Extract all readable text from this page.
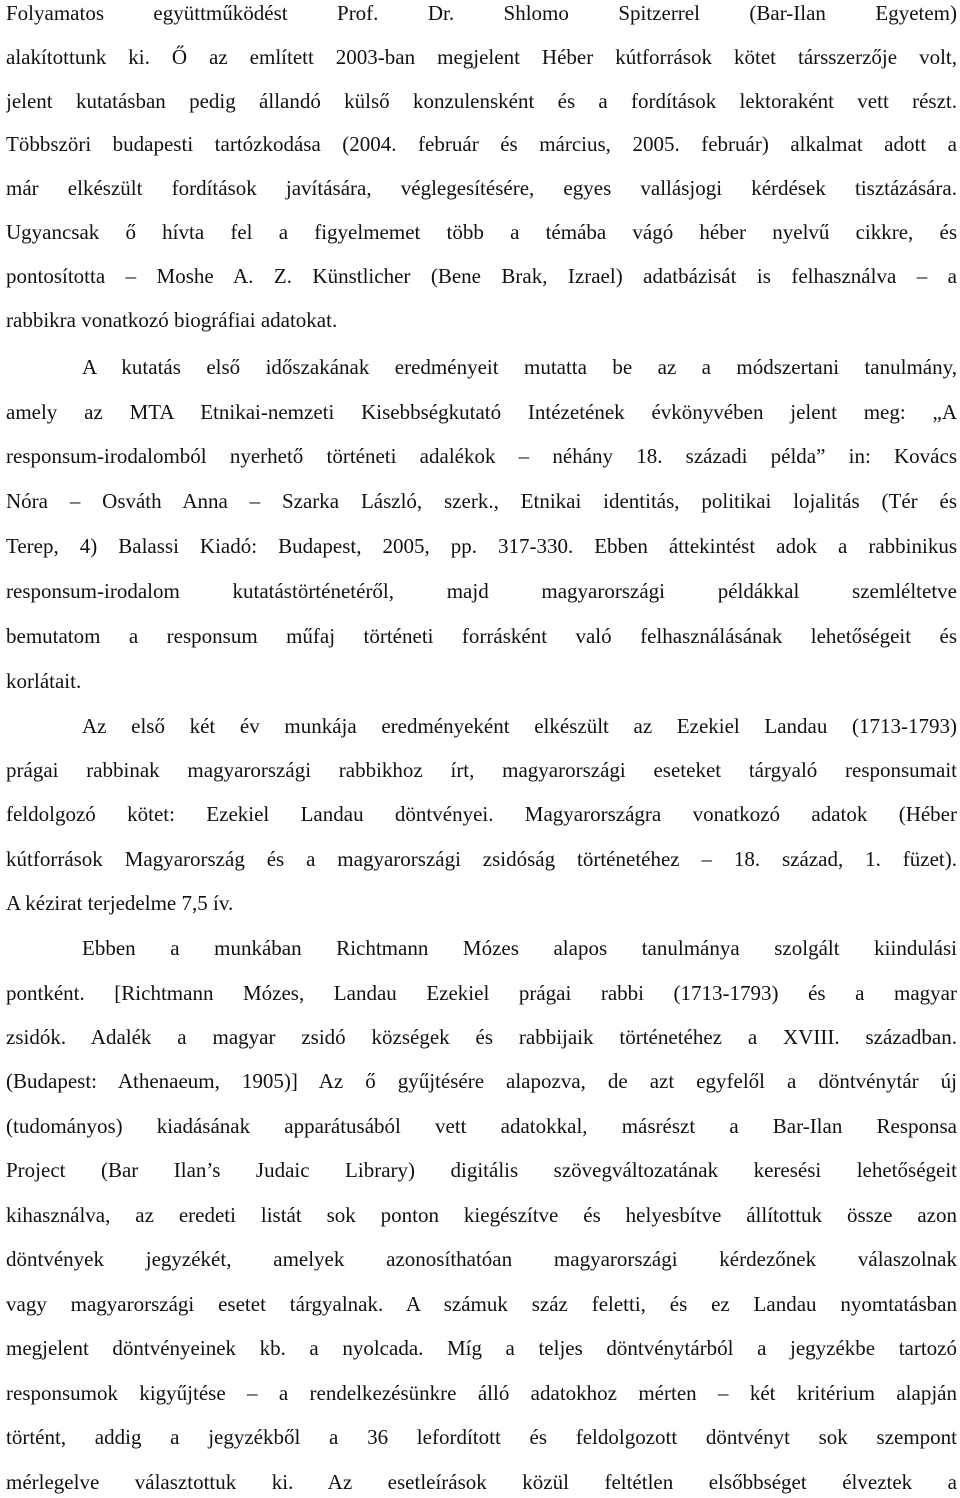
Folyamatos együttműködést Prof. Dr. Shlomo Spitzerrel (Bar-Ilan Egyetem)
alakítottunk ki. Ő az említett 2003-ban megjelent Héber kútforrások kötet társszerzője volt,
jelent kutatásban pedig állandó külső konzulensként és a fordítások lektoraként vett részt.
Többszöri budapesti tartózkodása (2004. február és március, 2005. február) alkalmat adott a
már elkészült fordítások javítására, véglegesítésére, egyes vallásjogi kérdések tisztázására.
Ugyancsak ő hívta fel a figyelmemet több a témába vágó héber nyelvű cikkre, és
pontosította – Moshe A. Z. Künstlicher (Bene Brak, Izrael) adatbázisát is felhasználva – a
rabbikra vonatkozó biográfiai adatokat.
A kutatás első időszakának eredményeit mutatta be az a módszertani tanulmány,
amely az MTA Etnikai-nemzeti Kisebbségkutató Intézetének évkönyvében jelent meg: „A
responsum-irodalomból nyerhető történeti adalékok – néhány 18. századi példa” in: Kovács
Nóra – Osváth Anna – Szarka László, szerk., Etnikai identitás, politikai lojalitás (Tér és
Terep, 4) Balassi Kiadó: Budapest, 2005, pp. 317-330. Ebben áttekintést adok a rabbinikus
responsum-irodalom kutatástörténetéről, majd magyarországi példákkal szemléltetve
bemutatom a responsum műfaj történeti forrásként való felhasználásának lehetőségeit és
korlátait.
Az első két év munkája eredményeként elkészült az Ezekiel Landau (1713-1793)
prágai rabbinak magyarországi rabbikhoz írt, magyarországi eseteket tárgyaló responsumait
feldolgozó kötet: Ezekiel Landau döntvényei. Magyarországra vonatkozó adatok (Héber
kútforrások Magyarország és a magyarországi zsidóság történetéhez – 18. század, 1. füzet).
A kézirat terjedelme 7,5 ív.
Ebben a munkában Richtmann Mózes alapos tanulmánya szolgált kiindulási
pontként. [Richtmann Mózes, Landau Ezekiel prágai rabbi (1713-1793) és a magyar
zsidók. Adalék a magyar zsidó községek és rabbijaik történetéhez a XVIII. században.
(Budapest: Athenaeum, 1905)] Az ő gyűjtésére alapozva, de azt egyfelől a döntvénytár új
(tudományos) kiadásának apparátusából vett adatokkal, másrészt a Bar-Ilan Responsa
Project (Bar Ilan’s Judaic Library) digitális szövegváltozatának keresési lehetőségeit
kihasználva, az eredeti listát sok ponton kiegészítve és helyesbítve állítottuk össze azon
döntvények jegyzékét, amelyek azonosíthatóan magyarországi kérdezőnek válaszolnak
vagy magyarországi esetet tárgyalnak. A számuk száz feletti, és ez Landau nyomtatásban
megjelent döntvényeinek kb. a nyolcada. Míg a teljes döntvénytárból a jegyzékbe tartozó
responsumok kigyűjtése – a rendelkezésünkre álló adatokhoz mérten – két kritérium alapján
történt, addig a jegyzékből a 36 lefordított és feldolgozott döntvényt sok szempont
mérlegelve választottuk ki. Az esetleírások közül feltétlen elsőbbséget élveztek a
